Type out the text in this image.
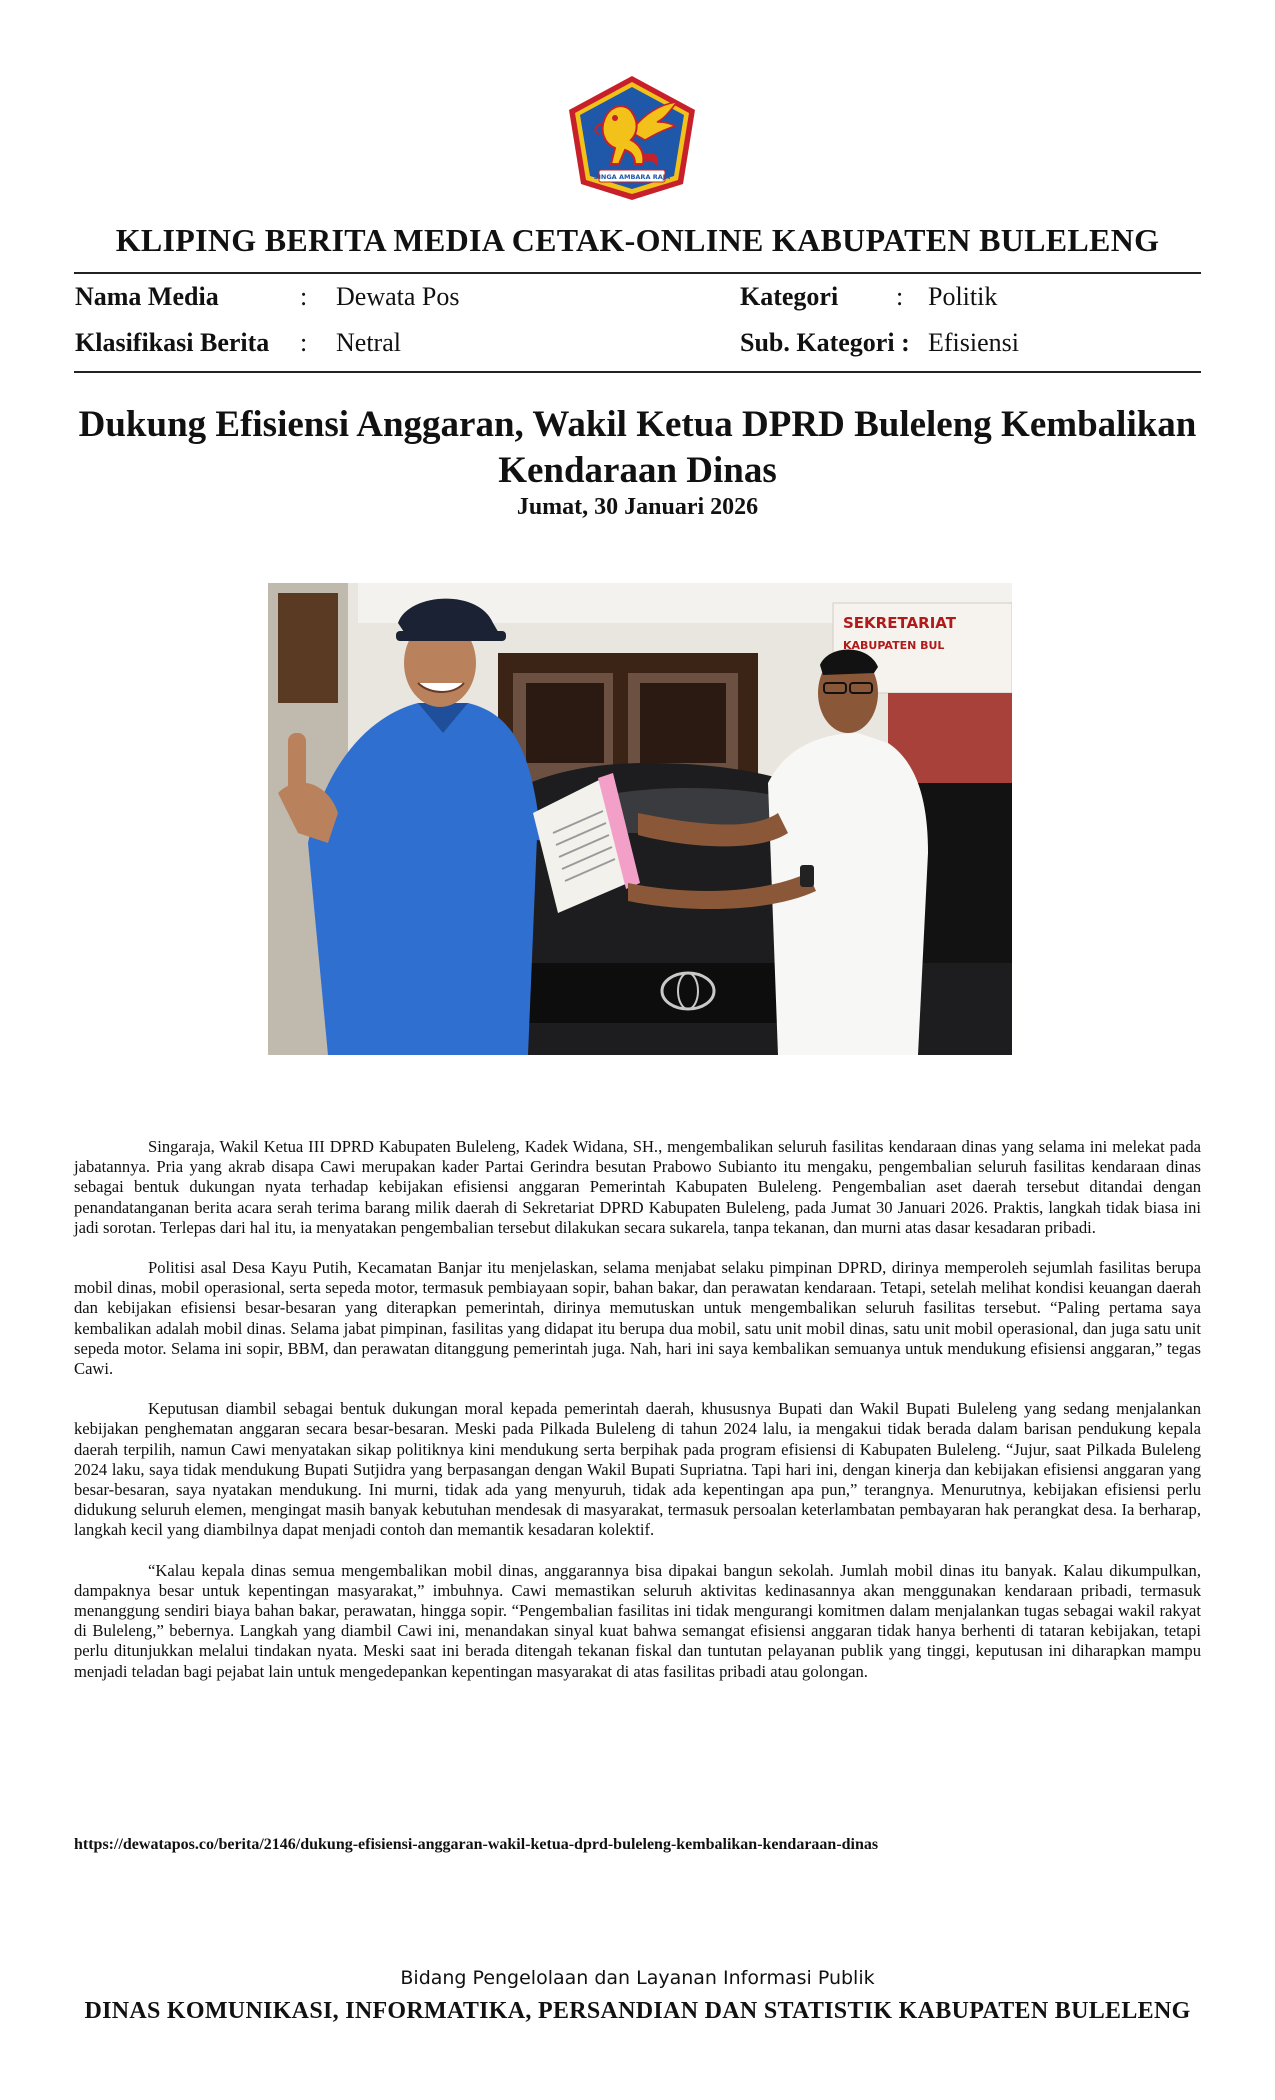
SINGA AMBARA RAJA
KLIPING BERITA MEDIA CETAK-ONLINE KABUPATEN BULELENG
Nama Media	: Dewata Pos	Kategori : Politik
Klasifikasi Berita : Netral	Sub. Kategori : Efisiensi
Dukung Efisiensi Anggaran, Wakil Ketua DPRD Buleleng Kembalikan Kendaraan Dinas
Jumat, 30 Januari 2026
SEKRETARIAT
KABUPATEN BUL

Singaraja, Wakil Ketua III DPRD Kabupaten Buleleng, Kadek Widana, SH., mengembalikan seluruh fasilitas kendaraan dinas yang selama ini melekat pada jabatannya. Pria yang akrab disapa Cawi merupakan kader Partai Gerindra besutan Prabowo Subianto itu mengaku, pengembalian seluruh fasilitas kendaraan dinas sebagai bentuk dukungan nyata terhadap kebijakan efisiensi anggaran Pemerintah Kabupaten Buleleng. Pengembalian aset daerah tersebut ditandai dengan penandatanganan berita acara serah terima barang milik daerah di Sekretariat DPRD Kabupaten Buleleng, pada Jumat 30 Januari 2026. Praktis, langkah tidak biasa ini jadi sorotan. Terlepas dari hal itu, ia menyatakan pengembalian tersebut dilakukan secara sukarela, tanpa tekanan, dan murni atas dasar kesadaran pribadi.

Politisi asal Desa Kayu Putih, Kecamatan Banjar itu menjelaskan, selama menjabat selaku pimpinan DPRD, dirinya memperoleh sejumlah fasilitas berupa mobil dinas, mobil operasional, serta sepeda motor, termasuk pembiayaan sopir, bahan bakar, dan perawatan kendaraan. Tetapi, setelah melihat kondisi keuangan daerah dan kebijakan efisiensi besar-besaran yang diterapkan pemerintah, dirinya memutuskan untuk mengembalikan seluruh fasilitas tersebut. “Paling pertama saya kembalikan adalah mobil dinas. Selama jabat pimpinan, fasilitas yang didapat itu berupa dua mobil, satu unit mobil dinas, satu unit mobil operasional, dan juga satu unit sepeda motor. Selama ini sopir, BBM, dan perawatan ditanggung pemerintah juga. Nah, hari ini saya kembalikan semuanya untuk mendukung efisiensi anggaran,” tegas Cawi.

Keputusan diambil sebagai bentuk dukungan moral kepada pemerintah daerah, khususnya Bupati dan Wakil Bupati Buleleng yang sedang menjalankan kebijakan penghematan anggaran secara besar-besaran. Meski pada Pilkada Buleleng di tahun 2024 lalu, ia mengakui tidak berada dalam barisan pendukung kepala daerah terpilih, namun Cawi menyatakan sikap politiknya kini mendukung serta berpihak pada program efisiensi di Kabupaten Buleleng. “Jujur, saat Pilkada Buleleng 2024 laku, saya tidak mendukung Bupati Sutjidra yang berpasangan dengan Wakil Bupati Supriatna. Tapi hari ini, dengan kinerja dan kebijakan efisiensi anggaran yang besar-besaran, saya nyatakan mendukung. Ini murni, tidak ada yang menyuruh, tidak ada kepentingan apa pun,” terangnya. Menurutnya, kebijakan efisiensi perlu didukung seluruh elemen, mengingat masih banyak kebutuhan mendesak di masyarakat, termasuk persoalan keterlambatan pembayaran hak perangkat desa. Ia berharap, langkah kecil yang diambilnya dapat menjadi contoh dan memantik kesadaran kolektif.

“Kalau kepala dinas semua mengembalikan mobil dinas, anggarannya bisa dipakai bangun sekolah. Jumlah mobil dinas itu banyak. Kalau dikumpulkan, dampaknya besar untuk kepentingan masyarakat,” imbuhnya. Cawi memastikan seluruh aktivitas kedinasannya akan menggunakan kendaraan pribadi, termasuk menanggung sendiri biaya bahan bakar, perawatan, hingga sopir. “Pengembalian fasilitas ini tidak mengurangi komitmen dalam menjalankan tugas sebagai wakil rakyat di Buleleng,” bebernya. Langkah yang diambil Cawi ini, menandakan sinyal kuat bahwa semangat efisiensi anggaran tidak hanya berhenti di tataran kebijakan, tetapi perlu ditunjukkan melalui tindakan nyata. Meski saat ini berada ditengah tekanan fiskal dan tuntutan pelayanan publik yang tinggi, keputusan ini diharapkan mampu menjadi teladan bagi pejabat lain untuk mengedepankan kepentingan masyarakat di atas fasilitas pribadi atau golongan.

https://dewatapos.co/berita/2146/dukung-efisiensi-anggaran-wakil-ketua-dprd-buleleng-kembalikan-kendaraan-dinas
Bidang Pengelolaan dan Layanan Informasi Publik
DINAS KOMUNIKASI, INFORMATIKA, PERSANDIAN DAN STATISTIK KABUPATEN BULELENG
